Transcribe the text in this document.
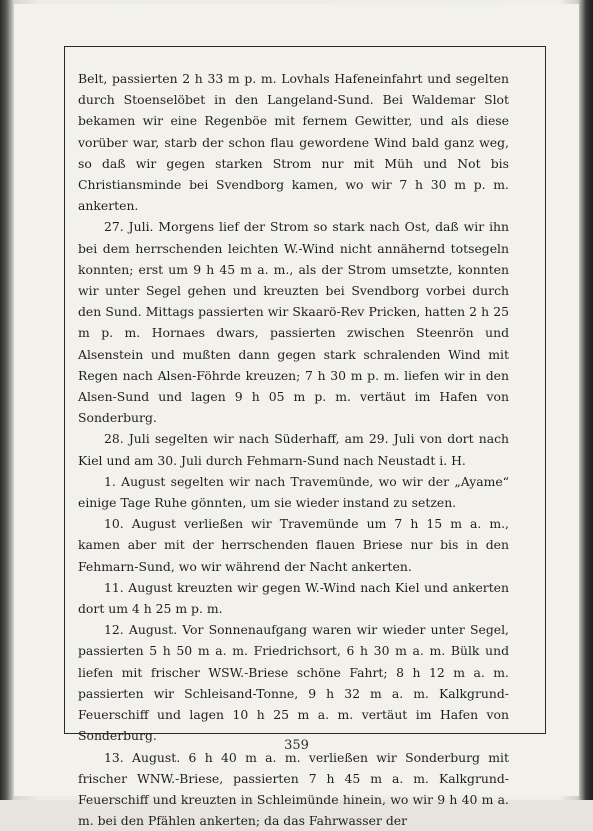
Belt, passierten 2 h 33 m p. m. Lovhals Hafeneinfahrt und segelten durch Stoenselöbet in den Langeland-Sund. Bei Waldemar Slot bekamen wir eine Regenböe mit fernem Gewitter, und als diese vorüber war, starb der schon flau gewordene Wind bald ganz weg, so daß wir gegen starken Strom nur mit Müh und Not bis Christiansminde bei Svendborg kamen, wo wir 7 h 30 m p. m. ankerten.

27. Juli. Morgens lief der Strom so stark nach Ost, daß wir ihn bei dem herrschenden leichten W.-Wind nicht annähernd totsegeln konnten; erst um 9 h 45 m a. m., als der Strom umsetzte, konnten wir unter Segel gehen und kreuzten bei Svendborg vorbei durch den Sund. Mittags passierten wir Skaarö-Rev Pricken, hatten 2 h 25 m p. m. Hornaes dwars, passierten zwischen Steenrön und Alsenstein und mußten dann gegen stark schralenden Wind mit Regen nach Alsen-Föhrde kreuzen; 7 h 30 m p. m. liefen wir in den Alsen-Sund und lagen 9 h 05 m p. m. vertäut im Hafen von Sonderburg.

28. Juli segelten wir nach Süderhaff, am 29. Juli von dort nach Kiel und am 30. Juli durch Fehmarn-Sund nach Neustadt i. H.

1. August segelten wir nach Travemünde, wo wir der „Ayame“ einige Tage Ruhe gönnten, um sie wieder instand zu setzen.

10. August verließen wir Travemünde um 7 h 15 m a. m., kamen aber mit der herrschenden flauen Briese nur bis in den Fehmarn-Sund, wo wir während der Nacht ankerten.

11. August kreuzten wir gegen W.-Wind nach Kiel und ankerten dort um 4 h 25 m p. m.

12. August. Vor Sonnenaufgang waren wir wieder unter Segel, passierten 5 h 50 m a. m. Friedrichsort, 6 h 30 m a. m. Bülk und liefen mit frischer WSW.-Briese schöne Fahrt; 8 h 12 m a. m. passierten wir Schleisand-Tonne, 9 h 32 m a. m. Kalkgrund-Feuerschiff und lagen 10 h 25 m a. m. vertäut im Hafen von Sonderburg.

13. August. 6 h 40 m a. m. verließen wir Sonderburg mit frischer WNW.-Briese, passierten 7 h 45 m a. m. Kalkgrund-Feuerschiff und kreuzten in Schleimünde hinein, wo wir 9 h 40 m a. m. bei den Pfählen ankerten; da das Fahrwasser der

359
